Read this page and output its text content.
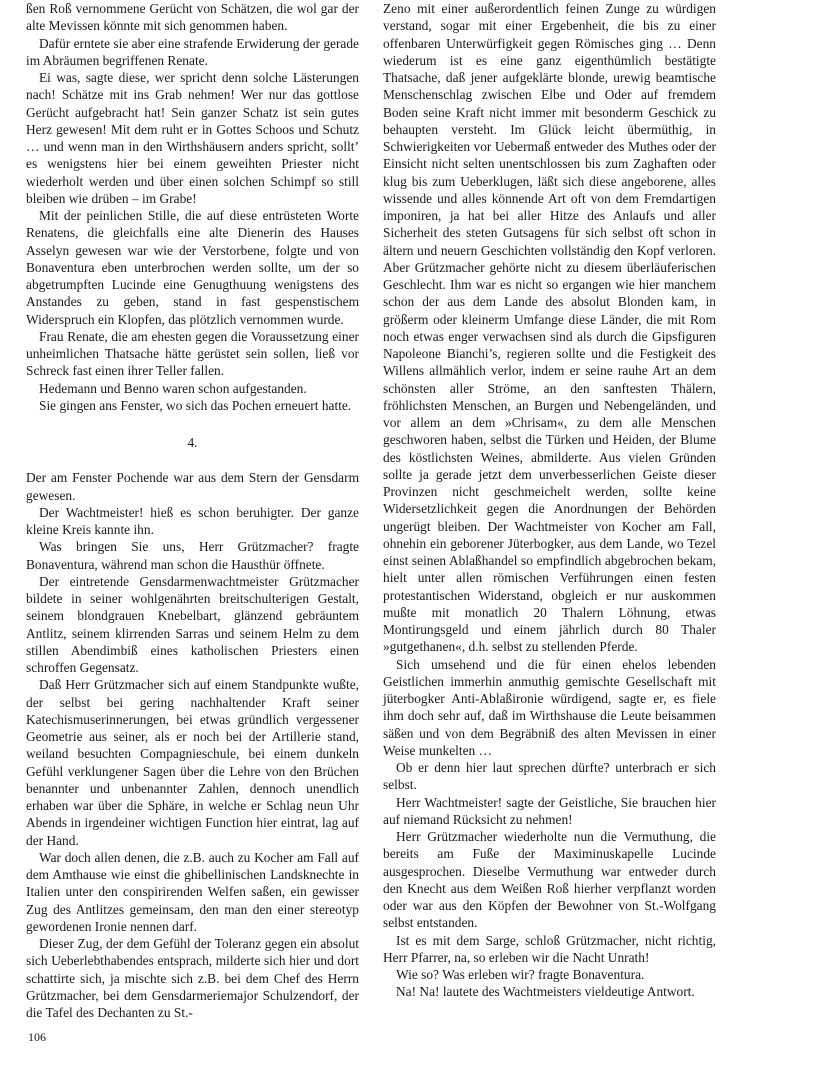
ßen Roß vernommene Gerücht von Schätzen, die wol gar der alte Mevissen könnte mit sich genommen haben.

Dafür erntete sie aber eine strafende Erwiderung der gerade im Abräumen begriffenen Renate.

Ei was, sagte diese, wer spricht denn solche Lästerungen nach! Schätze mit ins Grab nehmen! Wer nur das gottlose Gerücht aufgebracht hat! Sein ganzer Schatz ist sein gutes Herz gewesen! Mit dem ruht er in Gottes Schoos und Schutz … und wenn man in den Wirthshäusern anders spricht, sollt’ es wenigstens hier bei einem geweihten Priester nicht wiederholt werden und über einen solchen Schimpf so still bleiben wie drüben – im Grabe!

Mit der peinlichen Stille, die auf diese entrüsteten Worte Renatens, die gleichfalls eine alte Dienerin des Hauses Asselyn gewesen war wie der Verstorbene, folgte und von Bonaventura eben unterbrochen werden sollte, um der so abgetrumpften Lucinde eine Genugthuung wenigstens des Anstandes zu geben, stand in fast gespenstischem Widerspruch ein Klopfen, das plötzlich vernommen wurde.

Frau Renate, die am ehesten gegen die Voraussetzung einer unheimlichen Thatsache hätte gerüstet sein sollen, ließ vor Schreck fast einen ihrer Teller fallen.

Hedemann und Benno waren schon aufgestanden.

Sie gingen ans Fenster, wo sich das Pochen erneuert hatte.

4.

Der am Fenster Pochende war aus dem Stern der Gensdarm gewesen.

Der Wachtmeister! hieß es schon beruhigter. Der ganze kleine Kreis kannte ihn.

Was bringen Sie uns, Herr Grützmacher? fragte Bonaventura, während man schon die Hausthür öffnete.

Der eintretende Gensdarmenwachtmeister Grützmacher bildete in seiner wohlgenährten breitschulterigen Gestalt, seinem blondgrauen Knebelbart, glänzend gebräuntem Antlitz, seinem klirrenden Sarras und seinem Helm zu dem stillen Abendimbiß eines katholischen Priesters einen schroffen Gegensatz.

Daß Herr Grützmacher sich auf einem Standpunkte wußte, der selbst bei gering nachhaltender Kraft seiner Katechismuserinnerungen, bei etwas gründlich vergessener Geometrie aus seiner, als er noch bei der Artillerie stand, weiland besuchten Compagnieschule, bei einem dunkeln Gefühl verklungener Sagen über die Lehre von den Brüchen benannter und unbenannter Zahlen, dennoch unendlich erhaben war über die Sphäre, in welche er Schlag neun Uhr Abends in irgendeiner wichtigen Function hier eintrat, lag auf der Hand.

War doch allen denen, die z.B. auch zu Kocher am Fall auf dem Amthause wie einst die ghibellinischen Landsknechte in Italien unter den conspirirenden Welfen saßen, ein gewisser Zug des Antlitzes gemeinsam, den man den einer stereotyp gewordenen Ironie nennen darf.

Dieser Zug, der dem Gefühl der Toleranz gegen ein absolut sich Ueberlebthabendes entsprach, milderte sich hier und dort schattirte sich, ja mischte sich z.B. bei dem Chef des Herrn Grützmacher, bei dem Gensdarmeriemajor Schulzendorf, der die Tafel des Dechanten zu St.-

Zeno mit einer außerordentlich feinen Zunge zu würdigen verstand, sogar mit einer Ergebenheit, die bis zu einer offenbaren Unterwürfigkeit gegen Römisches ging … Denn wiederum ist es eine ganz eigenthümlich bestätigte Thatsache, daß jener aufgeklärte blonde, urewig beamtische Menschenschlag zwischen Elbe und Oder auf fremdem Boden seine Kraft nicht immer mit besonderm Geschick zu behaupten versteht. Im Glück leicht übermüthig, in Schwierigkeiten vor Uebermaß entweder des Muthes oder der Einsicht nicht selten unentschlossen bis zum Zaghaften oder klug bis zum Ueberklugen, läßt sich diese angeborene, alles wissende und alles könnende Art oft von dem Fremdartigen imponiren, ja hat bei aller Hitze des Anlaufs und aller Sicherheit des steten Gutsagens für sich selbst oft schon in ältern und neuern Geschichten vollständig den Kopf verloren. Aber Grützmacher gehörte nicht zu diesem überläuferischen Geschlecht. Ihm war es nicht so ergangen wie hier manchem schon der aus dem Lande des absolut Blonden kam, in größerm oder kleinerm Umfange diese Länder, die mit Rom noch etwas enger verwachsen sind als durch die Gipsfiguren Napoleone Bianchi’s, regieren sollte und die Festigkeit des Willens allmählich verlor, indem er seine rauhe Art an dem schönsten aller Ströme, an den sanftesten Thälern, fröhlichsten Menschen, an Burgen und Nebengeländen, und vor allem an dem »Chrisam«, zu dem alle Menschen geschworen haben, selbst die Türken und Heiden, der Blume des köstlichsten Weines, abmilderte. Aus vielen Gründen sollte ja gerade jetzt dem unverbesserlichen Geiste dieser Provinzen nicht geschmeichelt werden, sollte keine Widersetzlichkeit gegen die Anordnungen der Behörden ungerügt bleiben. Der Wachtmeister von Kocher am Fall, ohnehin ein geborener Jüterbogker, aus dem Lande, wo Tezel einst seinen Ablaßhandel so empfindlich abgebrochen bekam, hielt unter allen römischen Verführungen einen festen protestantischen Widerstand, obgleich er nur auskommen mußte mit monatlich 20 Thalern Löhnung, etwas Montirungsgeld und einem jährlich durch 80 Thaler »gutgethanen«, d.h. selbst zu stellenden Pferde.

Sich umsehend und die für einen ehelos lebenden Geistlichen immerhin anmuthig gemischte Gesellschaft mit jüterbogker Anti-Ablaßironie würdigend, sagte er, es fiele ihm doch sehr auf, daß im Wirthshause die Leute beisammen säßen und von dem Begräbniß des alten Mevissen in einer Weise munkelten …

Ob er denn hier laut sprechen dürfte? unterbrach er sich selbst.

Herr Wachtmeister! sagte der Geistliche, Sie brauchen hier auf niemand Rücksicht zu nehmen!

Herr Grützmacher wiederholte nun die Vermuthung, die bereits am Fuße der Maximinuskapelle Lucinde ausgesprochen. Dieselbe Vermuthung war entweder durch den Knecht aus dem Weißen Roß hierher verpflanzt worden oder war aus den Köpfen der Bewohner von St.-Wolfgang selbst entstanden.

Ist es mit dem Sarge, schloß Grützmacher, nicht richtig, Herr Pfarrer, na, so erleben wir die Nacht Unrath!

Wie so? Was erleben wir? fragte Bonaventura.

Na! Na! lautete des Wachtmeisters vieldeutige Antwort.

106
